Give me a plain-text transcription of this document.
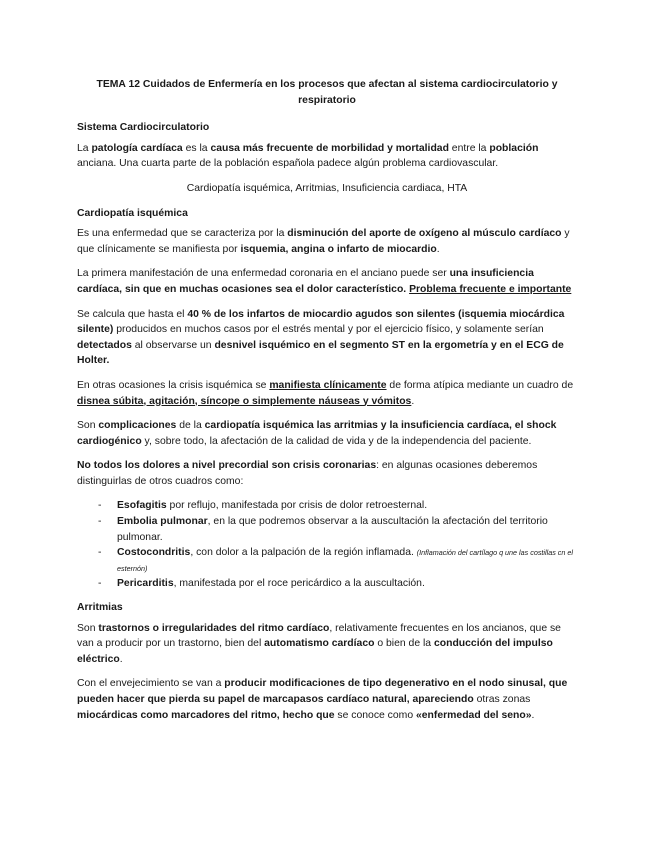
TEMA 12 Cuidados de Enfermería en los procesos que afectan al sistema cardiocirculatorio y respiratorio

Sistema Cardiocirculatorio

La patología cardíaca es la causa más frecuente de morbilidad y mortalidad entre la población anciana. Una cuarta parte de la población española padece algún problema cardiovascular.

Cardiopatía isquémica, Arritmias, Insuficiencia cardiaca, HTA

Cardiopatía isquémica

Es una enfermedad que se caracteriza por la disminución del aporte de oxígeno al músculo cardíaco y que clínicamente se manifiesta por isquemia, angina o infarto de miocardio.

La primera manifestación de una enfermedad coronaria en el anciano puede ser una insuficiencia cardíaca, sin que en muchas ocasiones sea el dolor característico. Problema frecuente e importante

Se calcula que hasta el 40 % de los infartos de miocardio agudos son silentes (isquemia miocárdica silente) producidos en muchos casos por el estrés mental y por el ejercicio físico, y solamente serían detectados al observarse un desnivel isquémico en el segmento ST en la ergometría y en el ECG de Holter.

En otras ocasiones la crisis isquémica se manifiesta clínicamente de forma atípica mediante un cuadro de disnea súbita, agitación, síncope o simplemente náuseas y vómitos.

Son complicaciones de la cardiopatía isquémica las arritmias y la insuficiencia cardíaca, el shock cardiogénico y, sobre todo, la afectación de la calidad de vida y de la independencia del paciente.

No todos los dolores a nivel precordial son crisis coronarias: en algunas ocasiones deberemos distinguirlas de otros cuadros como:

- Esofagitis por reflujo, manifestada por crisis de dolor retroesternal.
- Embolia pulmonar, en la que podremos observar a la auscultación la afectación del territorio pulmonar.
- Costocondritis, con dolor a la palpación de la región inflamada. (Inflamación del cartílago q une las costillas cn el esternón)
- Pericarditis, manifestada por el roce pericárdico a la auscultación.
Arritmias

Son trastornos o irregularidades del ritmo cardíaco, relativamente frecuentes en los ancianos, que se van a producir por un trastorno, bien del automatismo cardíaco o bien de la conducción del impulso eléctrico.

Con el envejecimiento se van a producir modificaciones de tipo degenerativo en el nodo sinusal, que pueden hacer que pierda su papel de marcapasos cardíaco natural, apareciendo otras zonas miocárdicas como marcadores del ritmo, hecho que se conoce como «enfermedad del seno».
